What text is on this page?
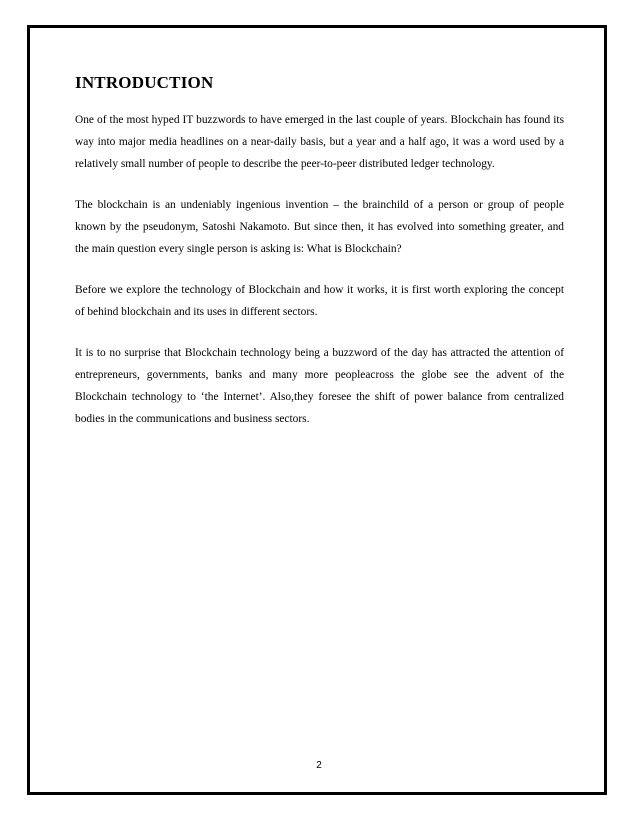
INTRODUCTION

One of the most hyped IT buzzwords to have emerged in the last couple of years. Blockchain has found its way into major media headlines on a near-daily basis, but a year and a half ago, it was a word used by a relatively small number of people to describe the peer-to-peer distributed ledger technology.

The blockchain is an undeniably ingenious invention – the brainchild of a person or group of people known by the pseudonym, Satoshi Nakamoto. But since then, it has evolved into something greater, and the main question every single person is asking is: What is Blockchain?

Before we explore the technology of Blockchain and how it works, it is first worth exploring the concept of behind blockchain and its uses in different sectors.

It is to no surprise that Blockchain technology being a buzzword of the day has attracted the attention of entrepreneurs, governments, banks and many more peopleacross the globe see the advent of the Blockchain technology to ‘the Internet’. Also,they foresee the shift of power balance from centralized bodies in the communications and business sectors.

2
